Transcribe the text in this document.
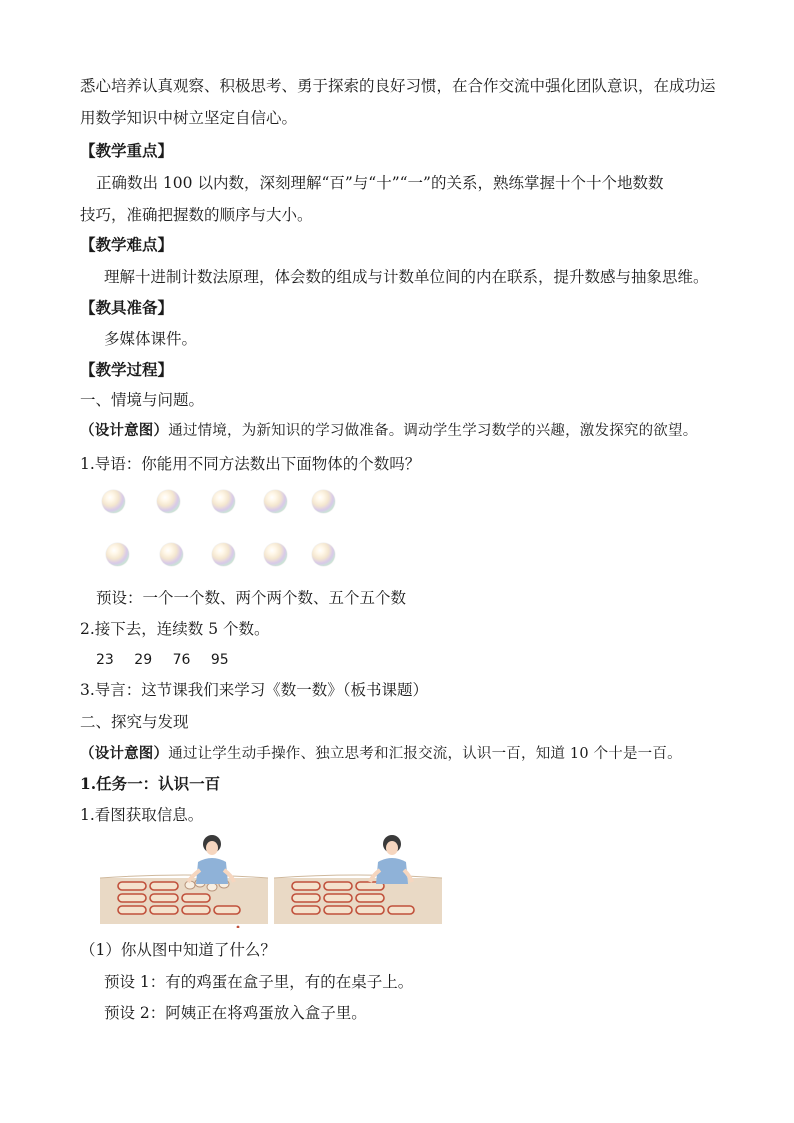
悉心培养认真观察、积极思考、勇于探索的良好习惯，在合作交流中强化团队意识，在成功运
用数学知识中树立坚定自信心。
【教学重点】
正确数出 100 以内数，深刻理解“百”与“十”“一”的关系，熟练掌握十个十个地数数
技巧，准确把握数的顺序与大小。
【教学难点】
理解十进制计数法原理，体会数的组成与计数单位间的内在联系，提升数感与抽象思维。
【教具准备】
多媒体课件。
【教学过程】
一、情境与问题。
（设计意图）通过情境，为新知识的学习做准备。调动学生学习数学的兴趣，激发探究的欲望。
1.导语：你能用不同方法数出下面物体的个数吗？
预设：一个一个数、两个两个数、五个五个数
2.接下去，连续数 5 个数。
23 29 76 95
3.导言：这节课我们来学习《数一数》（板书课题）
二、探究与发现
（设计意图）通过让学生动手操作、独立思考和汇报交流，认识一百，知道 10 个十是一百。
1.任务一：认识一百
1.看图获取信息。
（1）你从图中知道了什么？
预设 1：有的鸡蛋在盒子里，有的在桌子上。
预设 2：阿姨正在将鸡蛋放入盒子里。
